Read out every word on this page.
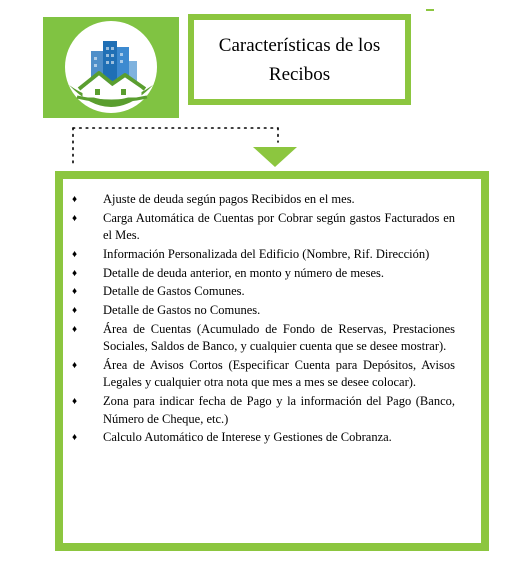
Características de los
Recibos
♦ Ajuste de deuda según pagos Recibidos en el mes.
♦ Carga Automática de Cuentas por Cobrar según gastos Facturados en el Mes.
♦ Información Personalizada del Edificio (Nombre, Rif. Dirección)
♦ Detalle de deuda anterior, en monto y número de meses.
♦ Detalle de Gastos Comunes.
♦ Detalle de Gastos no Comunes.
♦ Área de Cuentas (Acumulado de Fondo de Reservas, Prestaciones Sociales, Saldos de Banco, y cualquier cuenta que se desee mostrar).
♦ Área de Avisos Cortos (Especificar Cuenta para Depósitos, Avisos Legales y cualquier otra nota que mes a mes se desee colocar).
♦ Zona para indicar fecha de Pago y la información del Pago (Banco, Número de Cheque, etc.)
♦ Calculo Automático de Interese y Gestiones de Cobranza.
